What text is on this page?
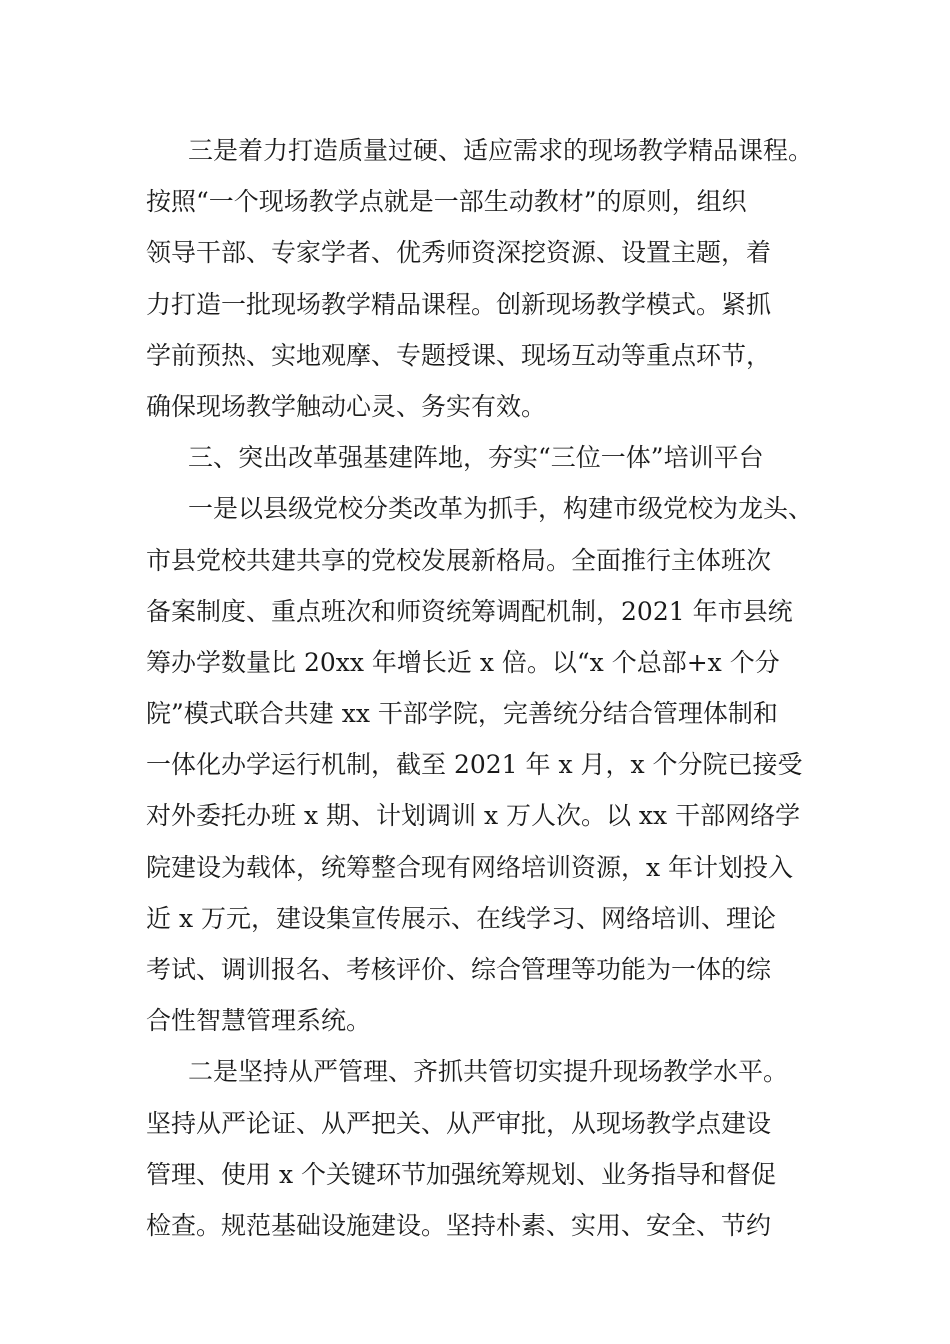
三是着力打造质量过硬、适应需求的现场教学精品课程。
按照“一个现场教学点就是一部生动教材”的原则，组织
领导干部、专家学者、优秀师资深挖资源、设置主题，着
力打造一批现场教学精品课程。创新现场教学模式。紧抓
学前预热、实地观摩、专题授课、现场互动等重点环节，
确保现场教学触动心灵、务实有效。
三、突出改革强基建阵地，夯实“三位一体”培训平台
一是以县级党校分类改革为抓手，构建市级党校为龙头、
市县党校共建共享的党校发展新格局。全面推行主体班次
备案制度、重点班次和师资统筹调配机制，2021 年市县统
筹办学数量比 20xx 年增长近 x 倍。以“x 个总部+x 个分
院”模式联合共建 xx 干部学院，完善统分结合管理体制和
一体化办学运行机制，截至 2021 年 x 月，x 个分院已接受
对外委托办班 x 期、计划调训 x 万人次。以 xx 干部网络学
院建设为载体，统筹整合现有网络培训资源，x 年计划投入
近 x 万元，建设集宣传展示、在线学习、网络培训、理论
考试、调训报名、考核评价、综合管理等功能为一体的综
合性智慧管理系统。
二是坚持从严管理、齐抓共管切实提升现场教学水平。
坚持从严论证、从严把关、从严审批，从现场教学点建设
管理、使用 x 个关键环节加强统筹规划、业务指导和督促
检查。规范基础设施建设。坚持朴素、实用、安全、节约
